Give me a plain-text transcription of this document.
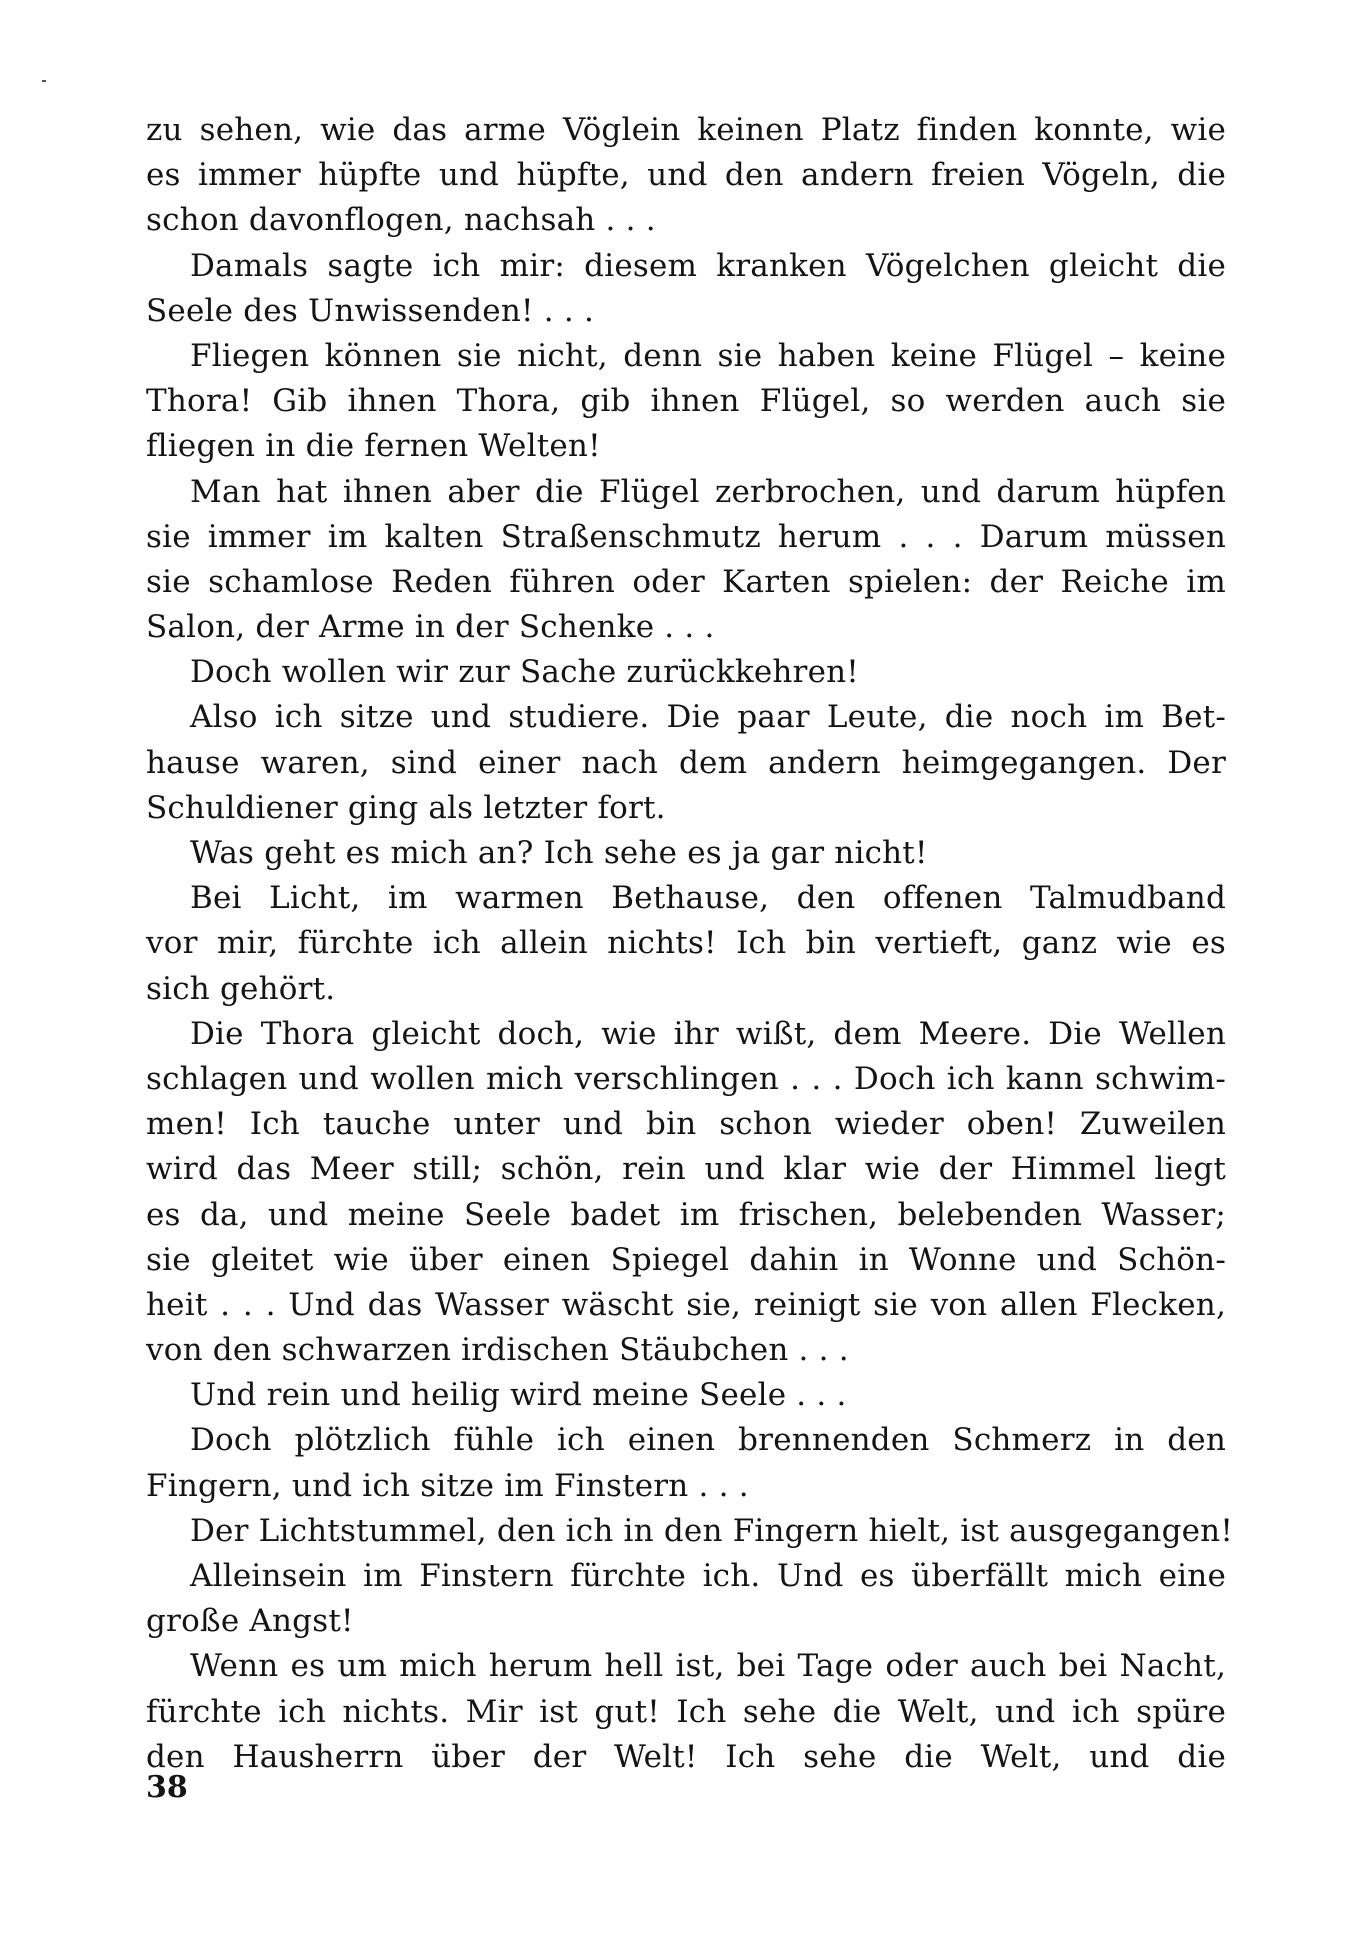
zu sehen, wie das arme Vöglein keinen Platz finden konnte, wie
es immer hüpfte und hüpfte, und den andern freien Vögeln, die
schon davonflogen, nachsah . . .
Damals sagte ich mir: diesem kranken Vögelchen gleicht die
Seele des Unwissenden! . . .
Fliegen können sie nicht, denn sie haben keine Flügel – keine
Thora! Gib ihnen Thora, gib ihnen Flügel, so werden auch sie
fliegen in die fernen Welten!
Man hat ihnen aber die Flügel zerbrochen, und darum hüpfen
sie immer im kalten Straßenschmutz herum . . . Darum müssen
sie schamlose Reden führen oder Karten spielen: der Reiche im
Salon, der Arme in der Schenke . . .
Doch wollen wir zur Sache zurückkehren!
Also ich sitze und studiere. Die paar Leute, die noch im Bet-
hause waren, sind einer nach dem andern heimgegangen. Der
Schuldiener ging als letzter fort.
Was geht es mich an? Ich sehe es ja gar nicht!
Bei Licht, im warmen Bethause, den offenen Talmudband
vor mir, fürchte ich allein nichts! Ich bin vertieft, ganz wie es
sich gehört.
Die Thora gleicht doch, wie ihr wißt, dem Meere. Die Wellen
schlagen und wollen mich verschlingen . . . Doch ich kann schwim-
men! Ich tauche unter und bin schon wieder oben! Zuweilen
wird das Meer still; schön, rein und klar wie der Himmel liegt
es da, und meine Seele badet im frischen, belebenden Wasser;
sie gleitet wie über einen Spiegel dahin in Wonne und Schön-
heit . . . Und das Wasser wäscht sie, reinigt sie von allen Flecken,
von den schwarzen irdischen Stäubchen . . .
Und rein und heilig wird meine Seele . . .
Doch plötzlich fühle ich einen brennenden Schmerz in den
Fingern, und ich sitze im Finstern . . .
Der Lichtstummel, den ich in den Fingern hielt, ist ausgegangen!
Alleinsein im Finstern fürchte ich. Und es überfällt mich eine
große Angst!
Wenn es um mich herum hell ist, bei Tage oder auch bei Nacht,
fürchte ich nichts. Mir ist gut! Ich sehe die Welt, und ich spüre
den Hausherrn über der Welt! Ich sehe die Welt, und die
38
